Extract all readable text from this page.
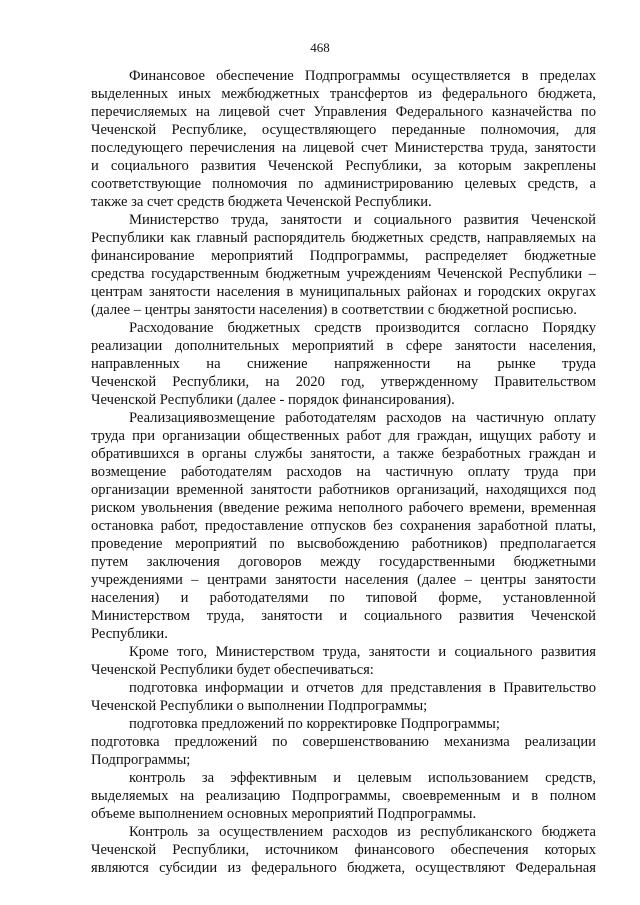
468
Финансовое обеспечение Подпрограммы осуществляется в пределах
выделенных иных межбюджетных трансфертов из федерального бюджета,
перечисляемых на лицевой счет Управления Федерального казначейства по
Чеченской Республике, осуществляющего переданные полномочия, для
последующего перечисления на лицевой счет Министерства труда, занятости
и социального развития Чеченской Республики, за которым закреплены
соответствующие полномочия по администрированию целевых средств, а
также за счет средств бюджета Чеченской Республики.
Министерство труда, занятости и социального развития Чеченской
Республики как главный распорядитель бюджетных средств, направляемых на
финансирование мероприятий Подпрограммы, распределяет бюджетные
средства государственным бюджетным учреждениям Чеченской Республики –
центрам занятости населения в муниципальных районах и городских округах
(далее – центры занятости населения) в соответствии с бюджетной росписью.
Расходование бюджетных средств производится согласно Порядку
реализации дополнительных мероприятий в сфере занятости населения,
направленных на снижение напряженности на рынке труда
Чеченской Республики, на 2020 год, утвержденному Правительством
Чеченской Республики (далее - порядок финансирования).
Реализациявозмещение работодателям расходов на частичную оплату
труда при организации общественных работ для граждан, ищущих работу и
обратившихся в органы службы занятости, а также безработных граждан и
возмещение работодателям расходов на частичную оплату труда при
организации временной занятости работников организаций, находящихся под
риском увольнения (введение режима неполного рабочего времени, временная
остановка работ, предоставление отпусков без сохранения заработной платы,
проведение мероприятий по высвобождению работников) предполагается
путем заключения договоров между государственными бюджетными
учреждениями – центрами занятости населения (далее – центры занятости
населения) и работодателями по типовой форме, установленной
Министерством труда, занятости и социального развития Чеченской
Республики.
Кроме того, Министерством труда, занятости и социального развития
Чеченской Республики будет обеспечиваться:
подготовка информации и отчетов для представления в Правительство
Чеченской Республики о выполнении Подпрограммы;
подготовка предложений по корректировке Подпрограммы;
подготовка предложений по совершенствованию механизма реализации
Подпрограммы;
контроль за эффективным и целевым использованием средств,
выделяемых на реализацию Подпрограммы, своевременным и в полном
объеме выполнением основных мероприятий Подпрограммы.
Контроль за осуществлением расходов из республиканского бюджета
Чеченской Республики, источником финансового обеспечения которых
являются субсидии из федерального бюджета, осуществляют Федеральная
